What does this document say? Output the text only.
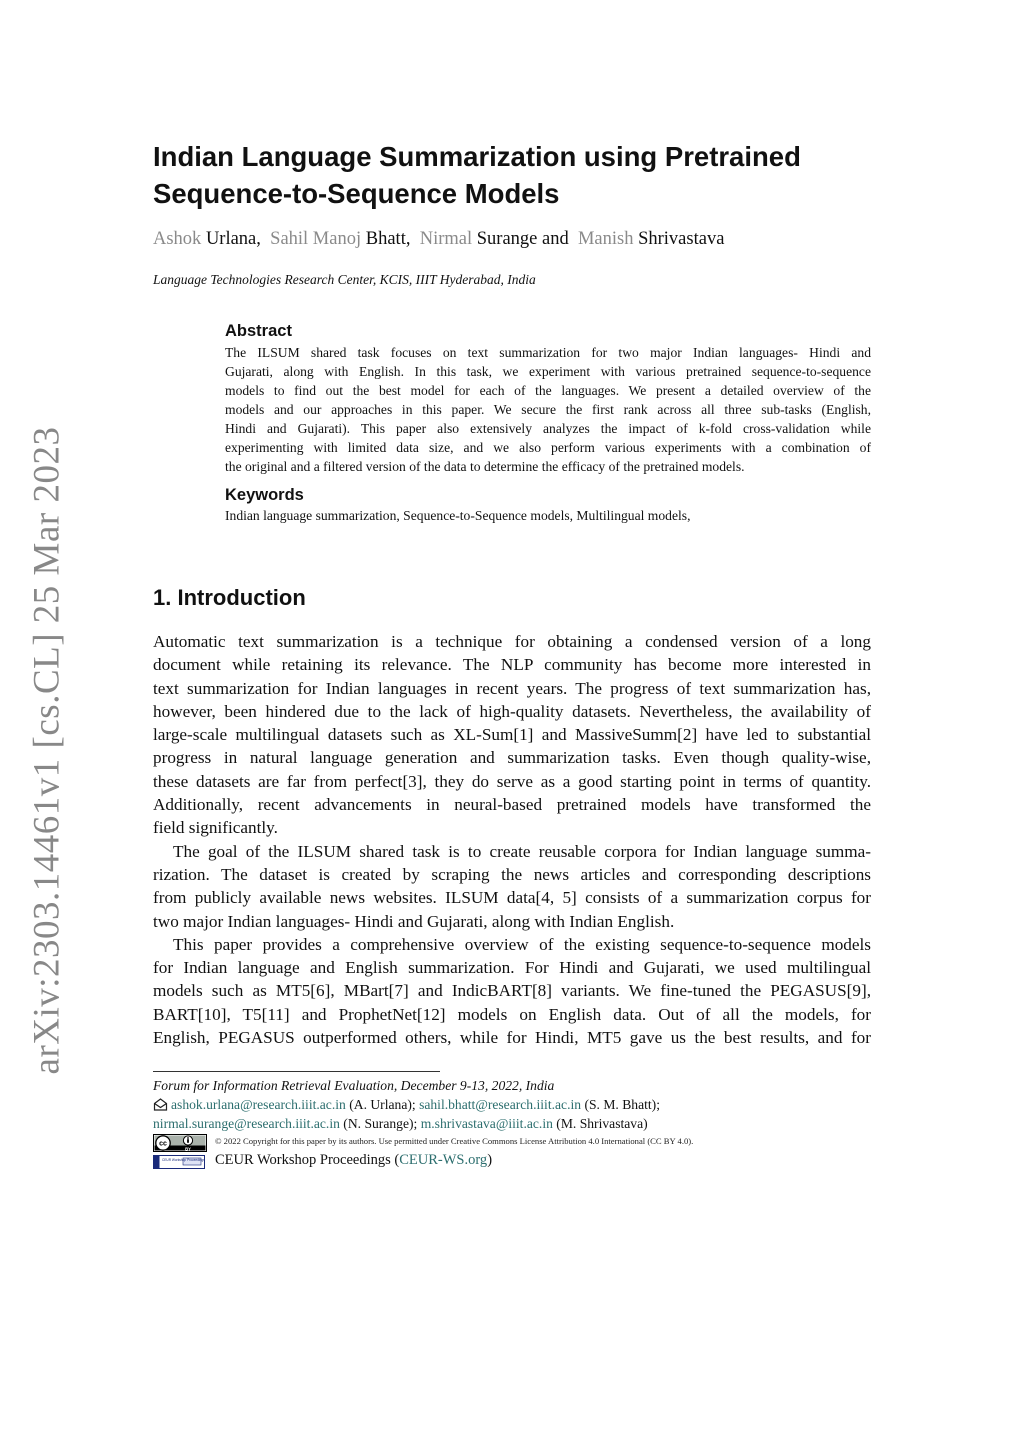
arXiv:2303.14461v1 [cs.CL] 25 Mar 2023
Indian Language Summarization using Pretrained
Sequence-to-Sequence Models
Ashok Urlana, Sahil Manoj Bhatt, Nirmal Surange and Manish Shrivastava
Language Technologies Research Center, KCIS, IIIT Hyderabad, India
Abstract
The ILSUM shared task focuses on text summarization for two major Indian languages- Hindi and
Gujarati, along with English. In this task, we experiment with various pretrained sequence-to-sequence
models to find out the best model for each of the languages. We present a detailed overview of the
models and our approaches in this paper. We secure the first rank across all three sub-tasks (English,
Hindi and Gujarati). This paper also extensively analyzes the impact of k-fold cross-validation while
experimenting with limited data size, and we also perform various experiments with a combination of
the original and a filtered version of the data to determine the efficacy of the pretrained models.
Keywords
Indian language summarization, Sequence-to-Sequence models, Multilingual models,
1. Introduction
Automatic text summarization is a technique for obtaining a condensed version of a long
document while retaining its relevance. The NLP community has become more interested in
text summarization for Indian languages in recent years. The progress of text summarization has,
however, been hindered due to the lack of high-quality datasets. Nevertheless, the availability of
large-scale multilingual datasets such as XL-Sum[1] and MassiveSumm[2] have led to substantial
progress in natural language generation and summarization tasks. Even though quality-wise,
these datasets are far from perfect[3], they do serve as a good starting point in terms of quantity.
Additionally, recent advancements in neural-based pretrained models have transformed the
field significantly.
The goal of the ILSUM shared task is to create reusable corpora for Indian language summa-
rization. The dataset is created by scraping the news articles and corresponding descriptions
from publicly available news websites. ILSUM data[4, 5] consists of a summarization corpus for
two major Indian languages- Hindi and Gujarati, along with Indian English.
This paper provides a comprehensive overview of the existing sequence-to-sequence models
for Indian language and English summarization. For Hindi and Gujarati, we used multilingual
models such as MT5[6], MBart[7] and IndicBART[8] variants. We fine-tuned the PEGASUS[9],
BART[10], T5[11] and ProphetNet[12] models on English data. Out of all the models, for
English, PEGASUS outperformed others, while for Hindi, MT5 gave us the best results, and for
Forum for Information Retrieval Evaluation, December 9-13, 2022, India
ashok.urlana@research.iiit.ac.in (A. Urlana); sahil.bhatt@research.iiit.ac.in (S. M. Bhatt);
nirmal.surange@research.iiit.ac.in (N. Surange); m.shrivastava@iiit.ac.in (M. Shrivastava)
cc
BY
© 2022 Copyright for this paper by its authors. Use permitted under Creative Commons License Attribution 4.0 International (CC BY 4.0).
CEUR Workshop Proceedings CEUR Workshop Proceedings (CEUR-WS.org)
